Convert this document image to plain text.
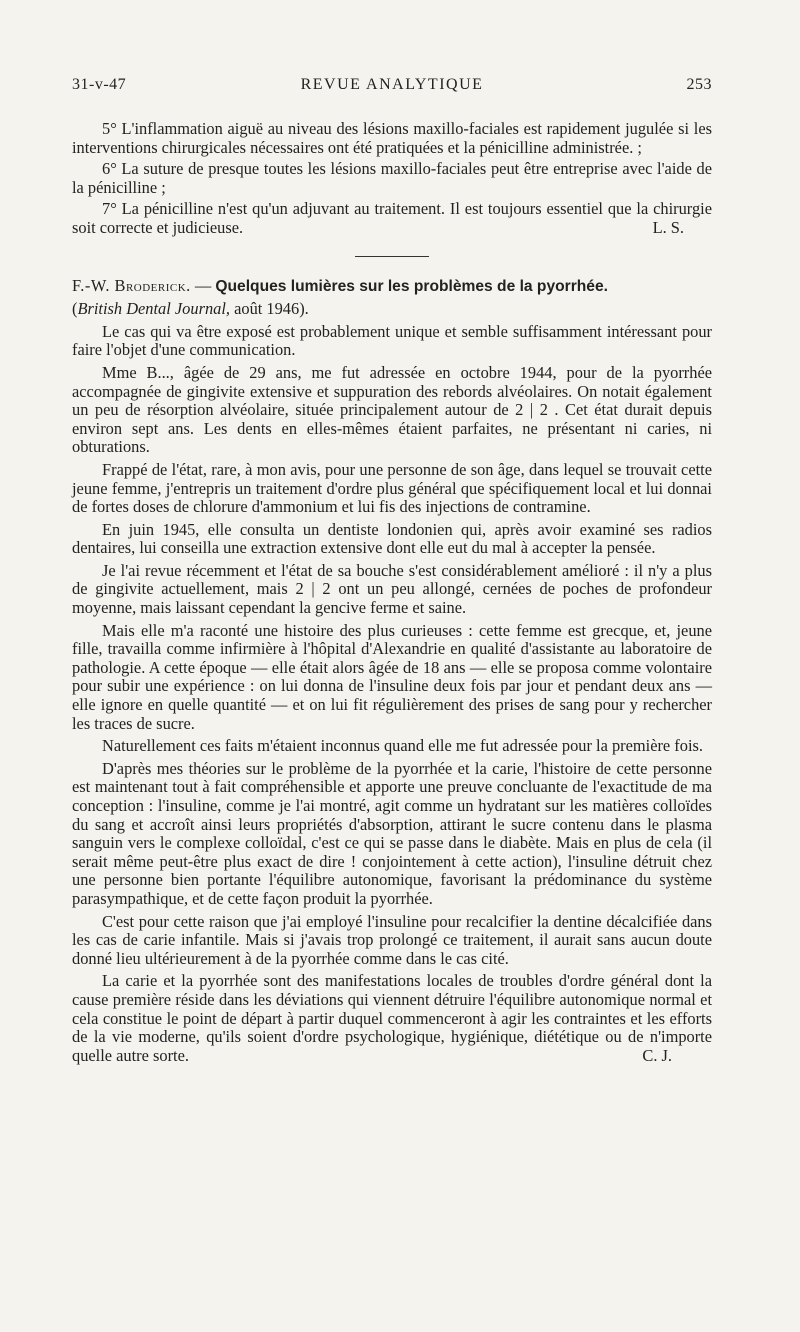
31-v-47	REVUE ANALYTIQUE	253

5° L'inflammation aiguë au niveau des lésions maxillo-faciales est rapidement jugulée si les interventions chirurgicales nécessaires ont été pratiquées et la pénicilline administrée. ;

6° La suture de presque toutes les lésions maxillo-faciales peut être entreprise avec l'aide de la pénicilline ;

7° La pénicilline n'est qu'un adjuvant au traitement. Il est toujours essentiel que la chirurgie soit correcte et judicieuse.	L. S.

F.-W. Broderick. — Quelques lumières sur les problèmes de la pyorrhée.

(British Dental Journal, août 1946).

Le cas qui va être exposé est probablement unique et semble suffisamment intéressant pour faire l'objet d'une communication.

Mme B..., âgée de 29 ans, me fut adressée en octobre 1944, pour de la pyorrhée accompagnée de gingivite extensive et suppuration des rebords alvéolaires. On notait également un peu de résorption alvéolaire, située principalement autour de 2 | 2 . Cet état durait depuis environ sept ans. Les dents en elles-mêmes étaient parfaites, ne présentant ni caries, ni obturations.

Frappé de l'état, rare, à mon avis, pour une personne de son âge, dans lequel se trouvait cette jeune femme, j'entrepris un traitement d'ordre plus général que spécifiquement local et lui donnai de fortes doses de chlorure d'ammonium et lui fis des injections de contramine.

En juin 1945, elle consulta un dentiste londonien qui, après avoir examiné ses radios dentaires, lui conseilla une extraction extensive dont elle eut du mal à accepter la pensée.

Je l'ai revue récemment et l'état de sa bouche s'est considérablement amélioré : il n'y a plus de gingivite actuellement, mais 2 | 2 ont un peu allongé, cernées de poches de profondeur moyenne, mais laissant cependant la gencive ferme et saine.

Mais elle m'a raconté une histoire des plus curieuses : cette femme est grecque, et, jeune fille, travailla comme infirmière à l'hôpital d'Alexandrie en qualité d'assistante au laboratoire de pathologie. A cette époque — elle était alors âgée de 18 ans — elle se proposa comme volontaire pour subir une expérience : on lui donna de l'insuline deux fois par jour et pendant deux ans — elle ignore en quelle quantité — et on lui fit régulièrement des prises de sang pour y rechercher les traces de sucre.

Naturellement ces faits m'étaient inconnus quand elle me fut adressée pour la première fois.

D'après mes théories sur le problème de la pyorrhée et la carie, l'histoire de cette personne est maintenant tout à fait compréhensible et apporte une preuve concluante de l'exactitude de ma conception : l'insuline, comme je l'ai montré, agit comme un hydratant sur les matières colloïdes du sang et accroît ainsi leurs propriétés d'absorption, attirant le sucre contenu dans le plasma sanguin vers le complexe colloïdal, c'est ce qui se passe dans le diabète. Mais en plus de cela (il serait même peut-être plus exact de dire ! conjointement à cette action), l'insuline détruit chez une personne bien portante l'équilibre autonomique, favorisant la prédominance du système parasympathique, et de cette façon produit la pyorrhée.

C'est pour cette raison que j'ai employé l'insuline pour recalcifier la dentine décalcifiée dans les cas de carie infantile. Mais si j'avais trop prolongé ce traitement, il aurait sans aucun doute donné lieu ultérieurement à de la pyorrhée comme dans le cas cité.

La carie et la pyorrhée sont des manifestations locales de troubles d'ordre général dont la cause première réside dans les déviations qui viennent détruire l'équilibre autonomique normal et cela constitue le point de départ à partir duquel commenceront à agir les contraintes et les efforts de la vie moderne, qu'ils soient d'ordre psychologique, hygiénique, diététique ou de n'importe quelle autre sorte.	C. J.
